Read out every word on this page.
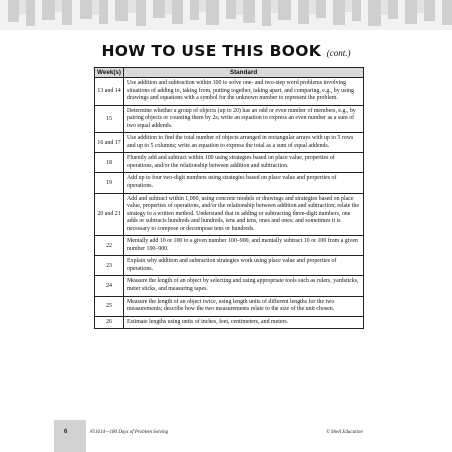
HOW TO USE THIS BOOK (cont.)
Week(s)	Standard
13 and 14	Use addition and subtraction within 100 to solve one- and two-step word problems involving situations of adding to, taking from, putting together, taking apart, and comparing, e.g., by using drawings and equations with a symbol for the unknown number to represent the problem.
15	Determine whether a group of objects (up to 20) has an odd or even number of members, e.g., by pairing objects or counting them by 2s; write an equation to express an even number as a sum of two equal addends.
16 and 17	Use addition to find the total number of objects arranged in rectangular arrays with up to 5 rows and up to 5 columns; write an equation to express the total as a sum of equal addends.
18	Fluently add and subtract within 100 using strategies based on place value, properties of operations, and/or the relationship between addition and subtraction.
19	Add up to four two-digit numbers using strategies based on place value and properties of operations.
20 and 21	Add and subtract within 1,000, using concrete models or drawings and strategies based on place value, properties of operations, and/or the relationship between addition and subtraction; relate the strategy to a written method. Understand that in adding or subtracting three-digit numbers, one adds or subtracts hundreds and hundreds, tens and tens, ones and ones; and sometimes it is necessary to compose or decompose tens or hundreds.
22	Mentally add 10 or 100 to a given number 100–900, and mentally subtract 10 or 100 from a given number 100–900.
23	Explain why addition and subtraction strategies work using place value and properties of operations.
24	Measure the length of an object by selecting and using appropriate tools such as rulers, yardsticks, meter sticks, and measuring tapes.
25	Measure the length of an object twice, using length units of different lengths for the two measurements; describe how the two measurements relate to the size of the unit chosen.
26	Estimate lengths using units of inches, feet, centimeters, and meters.
6	#51614—180 Days of Problem Solving	© Shell Education
